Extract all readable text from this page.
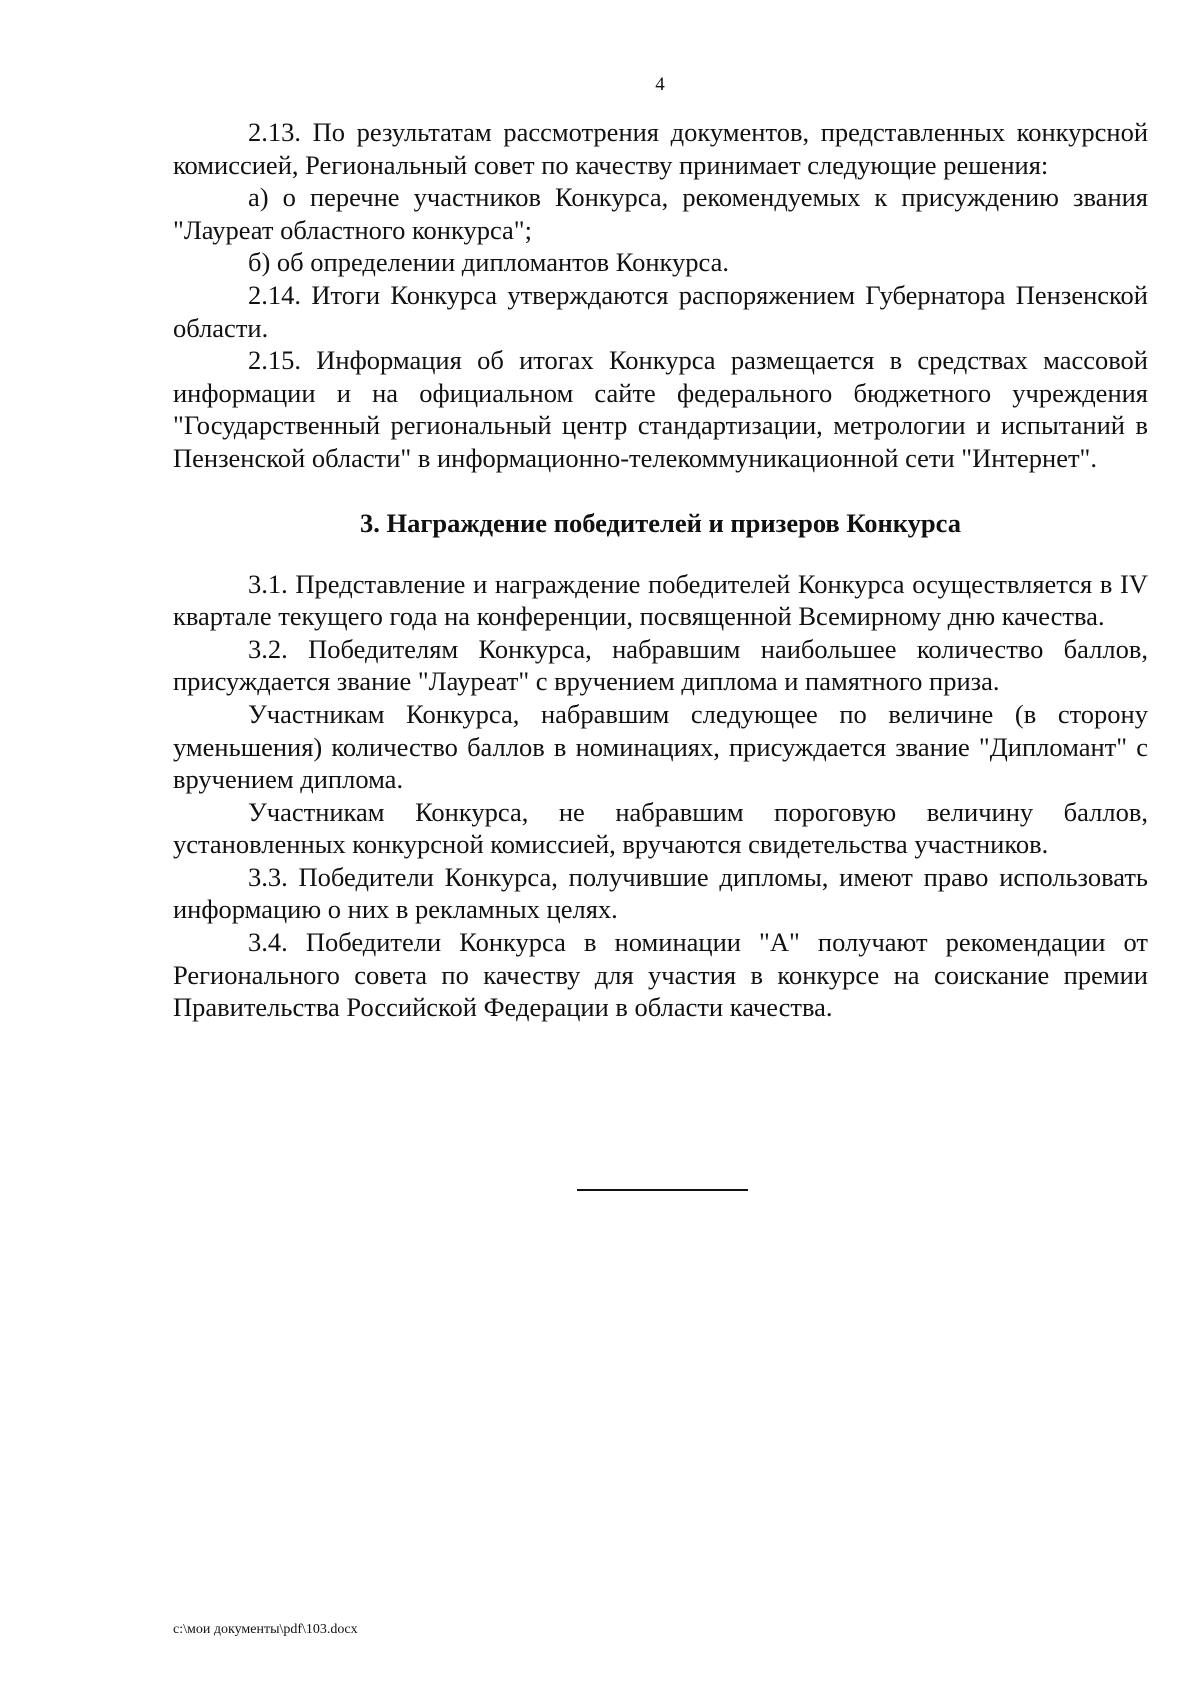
4

2.13. По результатам рассмотрения документов, представленных конкурсной комиссией, Региональный совет по качеству принимает следующие решения:

а) о перечне участников Конкурса, рекомендуемых к присуждению звания "Лауреат областного конкурса";

б) об определении дипломантов Конкурса.

2.14. Итоги Конкурса утверждаются распоряжением Губернатора Пензенской области.

2.15. Информация об итогах Конкурса размещается в средствах массовой информации и на официальном сайте федерального бюджетного учреждения "Государственный региональный центр стандартизации, метрологии и испытаний в Пензенской области" в информационно-телекоммуникационной сети "Интернет".

3. Награждение победителей и призеров Конкурса

3.1. Представление и награждение победителей Конкурса осуществляется в IV квартале текущего года на конференции, посвященной Всемирному дню качества.

3.2. Победителям Конкурса, набравшим наибольшее количество баллов, присуждается звание "Лауреат" с вручением диплома и памятного приза.

Участникам Конкурса, набравшим следующее по величине (в сторону уменьшения) количество баллов в номинациях, присуждается звание "Дипломант" с вручением диплома.

Участникам Конкурса, не набравшим пороговую величину баллов, установленных конкурсной комиссией, вручаются свидетельства участников.

3.3. Победители Конкурса, получившие дипломы, имеют право использовать информацию о них в рекламных целях.

3.4. Победители Конкурса в номинации "А" получают рекомендации от Регионального совета по качеству для участия в конкурсе на соискание премии Правительства Российской Федерации в области качества.

c:\мои документы\pdf\103.docx
